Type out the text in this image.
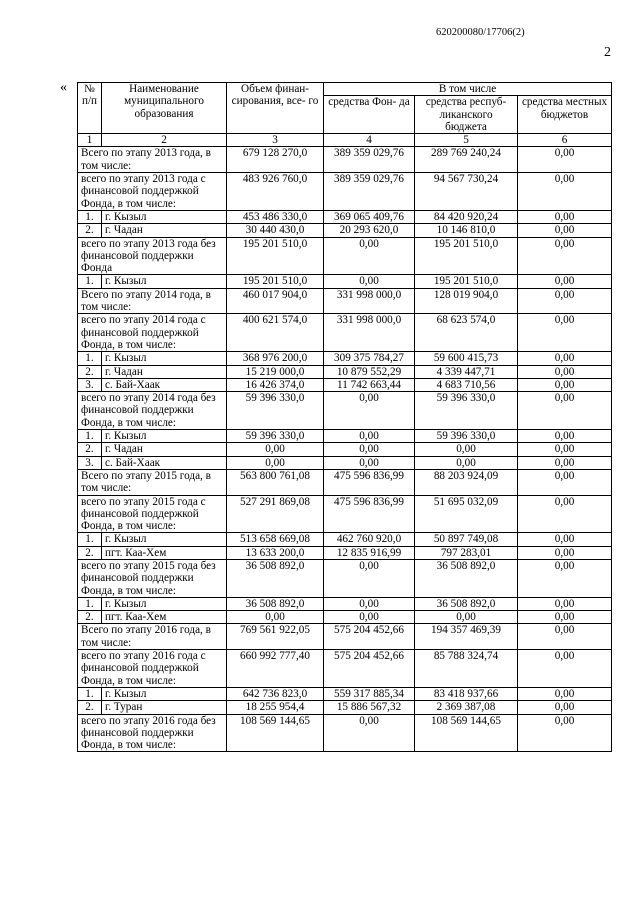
620200080/17706(2)
2
« № п/п	Наименование муниципального образования	Объем финан- сирования, все- го	В том числе		
			средства Фон- да	средства респуб- ликанского бюджета	средства местных бюджетов
1	2	3	4	5	6
Всего по этапу 2013 года, в том числе:		679 128 270,0	389 359 029,76	289 769 240,24	0,00
всего по этапу 2013 года с финансовой поддержкой Фонда, в том числе:		483 926 760,0	389 359 029,76	94 567 730,24	0,00
1.	г. Кызыл	453 486 330,0	369 065 409,76	84 420 920,24	0,00
2.	г. Чадан	30 440 430,0	20 293 620,0	10 146 810,0	0,00
всего по этапу 2013 года без финансовой поддержки Фонда		195 201 510,0	0,00	195 201 510,0	0,00
1.	г. Кызыл	195 201 510,0	0,00	195 201 510,0	0,00
Всего по этапу 2014 года, в том числе:		460 017 904,0	331 998 000,0	128 019 904,0	0,00
всего по этапу 2014 года с финансовой поддержкой Фонда, в том числе:		400 621 574,0	331 998 000,0	68 623 574,0	0,00
1.	г. Кызыл	368 976 200,0	309 375 784,27	59 600 415,73	0,00
2.	г. Чадан	15 219 000,0	10 879 552,29	4 339 447,71	0,00
3.	с. Бай-Хаак	16 426 374,0	11 742 663,44	4 683 710,56	0,00
всего по этапу 2014 года без финансовой поддержки Фонда, в том числе:		59 396 330,0	0,00	59 396 330,0	0,00
1.	г. Кызыл	59 396 330,0	0,00	59 396 330,0	0,00
2.	г. Чадан	0,00	0,00	0,00	0,00
3.	с. Бай-Хаак	0,00	0,00	0,00	0,00
Всего по этапу 2015 года, в том числе:		563 800 761,08	475 596 836,99	88 203 924,09	0,00
всего по этапу 2015 года с финансовой поддержкой Фонда, в том числе:		527 291 869,08	475 596 836,99	51 695 032,09	0,00
1.	г. Кызыл	513 658 669,08	462 760 920,0	50 897 749,08	0,00
2.	пгт. Каа-Хем	13 633 200,0	12 835 916,99	797 283,01	0,00
всего по этапу 2015 года без финансовой поддержки Фонда, в том числе:		36 508 892,0	0,00	36 508 892,0	0,00
1.	г. Кызыл	36 508 892,0	0,00	36 508 892,0	0,00
2.	пгт. Каа-Хем	0,00	0,00	0,00	0,00
Всего по этапу 2016 года, в том числе:		769 561 922,05	575 204 452,66	194 357 469,39	0,00
всего по этапу 2016 года с финансовой поддержкой Фонда, в том числе:		660 992 777,40	575 204 452,66	85 788 324,74	0,00
1.	г. Кызыл	642 736 823,0	559 317 885,34	83 418 937,66	0,00
2.	г. Туран	18 255 954,4	15 886 567,32	2 369 387,08	0,00
всего по этапу 2016 года без финансовой поддержки Фонда, в том числе:		108 569 144,65	0,00	108 569 144,65	0,00
